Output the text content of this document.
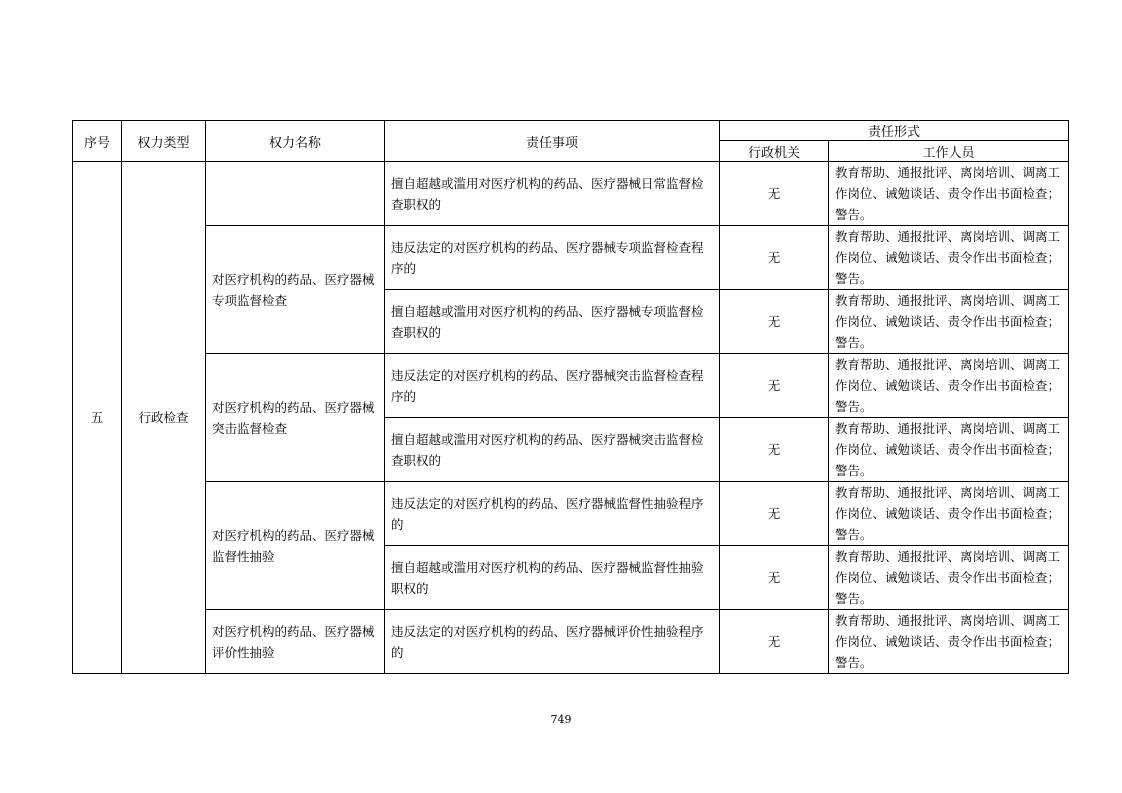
序号	权力类型	权力名称	责任事项	责任形式	
				行政机关	工作人员
五	行政检查		擅自超越或滥用对医疗机构的药品、医疗器械日常监督检查职权的	无	教育帮助、通报批评、离岗培训、调离工作岗位、诫勉谈话、责令作出书面检查；警告。
		对医疗机构的药品、医疗器械专项监督检查	违反法定的对医疗机构的药品、医疗器械专项监督检查程序的	无	教育帮助、通报批评、离岗培训、调离工作岗位、诫勉谈话、责令作出书面检查；警告。
			擅自超越或滥用对医疗机构的药品、医疗器械专项监督检查职权的	无	教育帮助、通报批评、离岗培训、调离工作岗位、诫勉谈话、责令作出书面检查；警告。
		对医疗机构的药品、医疗器械突击监督检查	违反法定的对医疗机构的药品、医疗器械突击监督检查程序的	无	教育帮助、通报批评、离岗培训、调离工作岗位、诫勉谈话、责令作出书面检查；警告。
			擅自超越或滥用对医疗机构的药品、医疗器械突击监督检查职权的	无	教育帮助、通报批评、离岗培训、调离工作岗位、诫勉谈话、责令作出书面检查；警告。
		对医疗机构的药品、医疗器械监督性抽验	违反法定的对医疗机构的药品、医疗器械监督性抽验程序的	无	教育帮助、通报批评、离岗培训、调离工作岗位、诫勉谈话、责令作出书面检查；警告。
			擅自超越或滥用对医疗机构的药品、医疗器械监督性抽验职权的	无	教育帮助、通报批评、离岗培训、调离工作岗位、诫勉谈话、责令作出书面检查；警告。
		对医疗机构的药品、医疗器械评价性抽验	违反法定的对医疗机构的药品、医疗器械评价性抽验程序的	无	教育帮助、通报批评、离岗培训、调离工作岗位、诫勉谈话、责令作出书面检查；警告。
749
